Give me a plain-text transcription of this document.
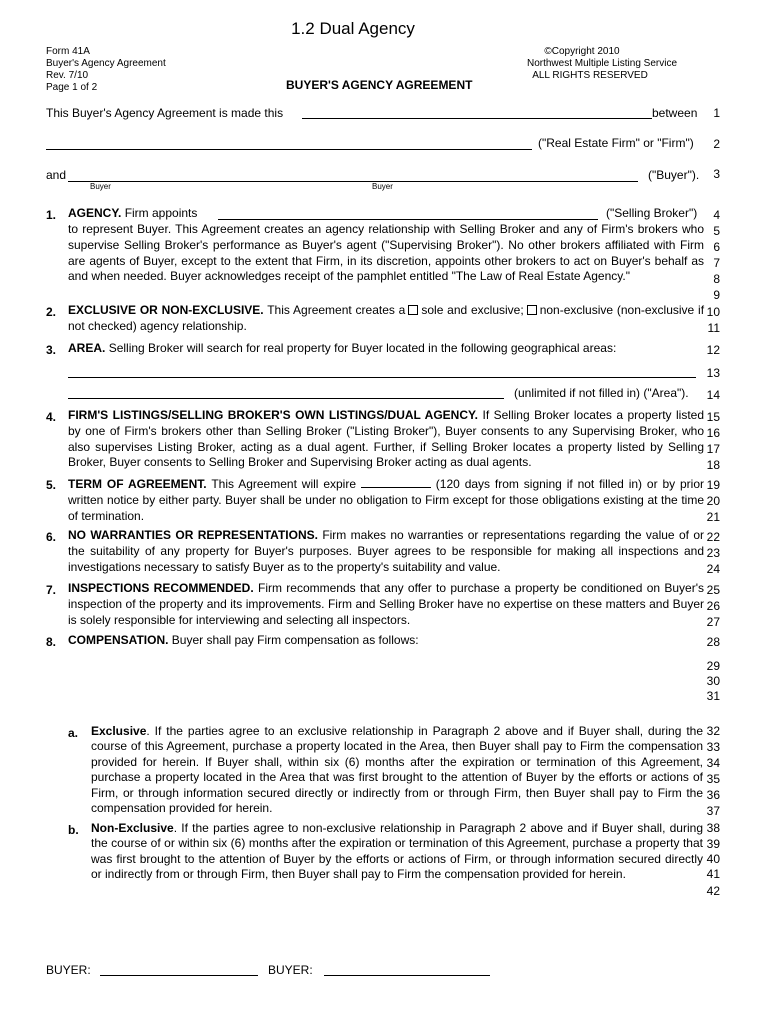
1.2 Dual Agency
Form 41A
Buyer's Agency Agreement
Rev. 7/10
Page 1 of 2
©Copyright 2010
Northwest Multiple Listing Service
ALL RIGHTS RESERVED
BUYER'S AGENCY AGREEMENT
This Buyer's Agency Agreement is made this	between 1
("Real Estate Firm" or "Firm") 2
and	("Buyer"). 3
Buyer	Buyer
1. AGENCY. Firm appoints	("Selling Broker")
to represent Buyer. This Agreement creates an agency relationship with Selling Broker and any of Firm's brokers who supervise Selling Broker's performance as Buyer's agent ("Supervising Broker"). No other brokers affiliated with Firm are agents of Buyer, except to the extent that Firm, in its discretion, appoints other brokers to act on Buyer's behalf as and when needed. Buyer acknowledges receipt of the pamphlet entitled "The Law of Real Estate Agency."
2. EXCLUSIVE OR NON-EXCLUSIVE. This Agreement creates a sole and exclusive; non-exclusive (non-exclusive if not checked) agency relationship.
3. AREA. Selling Broker will search for real property for Buyer located in the following geographical areas:
(unlimited if not filled in) ("Area").
4. FIRM'S LISTINGS/SELLING BROKER'S OWN LISTINGS/DUAL AGENCY. If Selling Broker locates a property listed by one of Firm's brokers other than Selling Broker ("Listing Broker"), Buyer consents to any Supervising Broker, who also supervises Listing Broker, acting as a dual agent. Further, if Selling Broker locates a property listed by Selling Broker, Buyer consents to Selling Broker and Supervising Broker acting as dual agents.
5. TERM OF AGREEMENT. This Agreement will expire	(120 days from signing if not filled in) or by prior written notice by either party. Buyer shall be under no obligation to Firm except for those obligations existing at the time of termination.
6. NO WARRANTIES OR REPRESENTATIONS. Firm makes no warranties or representations regarding the value of or the suitability of any property for Buyer's purposes. Buyer agrees to be responsible for making all inspections and investigations necessary to satisfy Buyer as to the property's suitability and value.
7. INSPECTIONS RECOMMENDED. Firm recommends that any offer to purchase a property be conditioned on Buyer's inspection of the property and its improvements. Firm and Selling Broker have no expertise on these matters and Buyer is solely responsible for interviewing and selecting all inspectors.
8. COMPENSATION. Buyer shall pay Firm compensation as follows:
a. Exclusive. If the parties agree to an exclusive relationship in Paragraph 2 above and if Buyer shall, during the course of this Agreement, purchase a property located in the Area, then Buyer shall pay to Firm the compensation provided for herein. If Buyer shall, within six (6) months after the expiration or termination of this Agreement, purchase a property located in the Area that was first brought to the attention of Buyer by the efforts or actions of Firm, or through information secured directly or indirectly from or through Firm, then Buyer shall pay to Firm the compensation provided for herein.
b. Non-Exclusive. If the parties agree to non-exclusive relationship in Paragraph 2 above and if Buyer shall, during the course of or within six (6) months after the expiration or termination of this Agreement, purchase a property that was first brought to the attention of Buyer by the efforts or actions of Firm, or through information secured directly or indirectly from or through Firm, then Buyer shall pay to Firm the compensation provided for herein.
4
5
6
7
8
9
10
11
12
13
14
15
16
17
18
19
20
21
22
23
24
25
26
27
28
29
30
31
32
33
34
35
36
37
38
39
40
41
42
BUYER:	BUYER:
